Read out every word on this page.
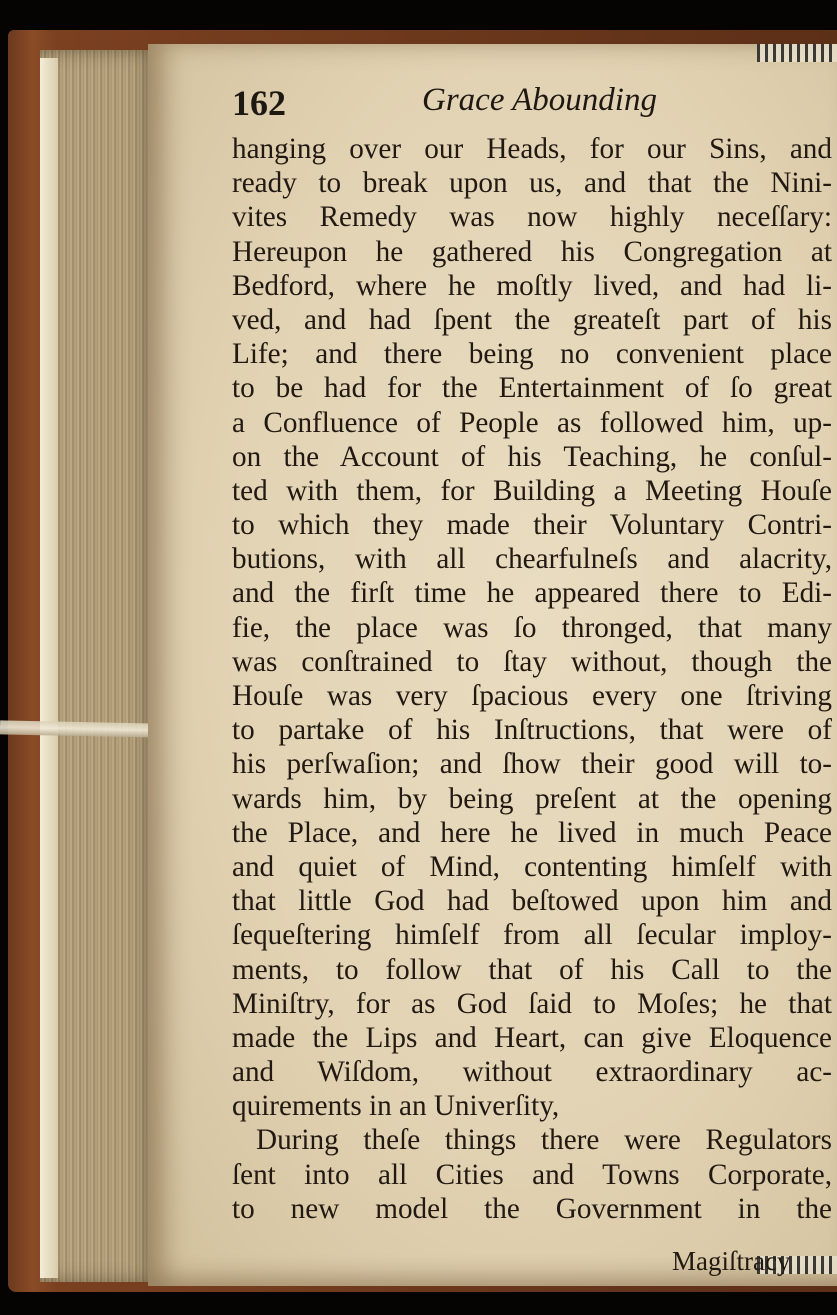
162	Grace Abounding
hanging over our Heads, for our Sins, and
ready to break upon us, and that the Nini-
vites Remedy was now highly neceſſary:
Hereupon he gathered his Congregation at
Bedford, where he moſtly lived, and had li-
ved, and had ſpent the greateſt part of his
Life; and there being no convenient place
to be had for the Entertainment of ſo great
a Confluence of People as followed him, up-
on the Account of his Teaching, he conſul-
ted with them, for Building a Meeting Houſe
to which they made their Voluntary Contri-
butions, with all chearfulneſs and alacrity,
and the firſt time he appeared there to Edi-
fie, the place was ſo thronged, that many
was conſtrained to ſtay without, though the
Houſe was very ſpacious every one ſtriving
to partake of his Inſtructions, that were of
his perſwaſion; and ſhow their good will to-
wards him, by being preſent at the opening
the Place, and here he lived in much Peace
and quiet of Mind, contenting himſelf with
that little God had beſtowed upon him and
ſequeſtering himſelf from all ſecular imploy-
ments, to follow that of his Call to the
Miniſtry, for as God ſaid to Moſes; he that
made the Lips and Heart, can give Eloquence
and Wiſdom, without extraordinary ac-
quirements in an Univerſity,
During theſe things there were Regulators
ſent into all Cities and Towns Corporate,
to new model the Government in the
Magiſtracy
